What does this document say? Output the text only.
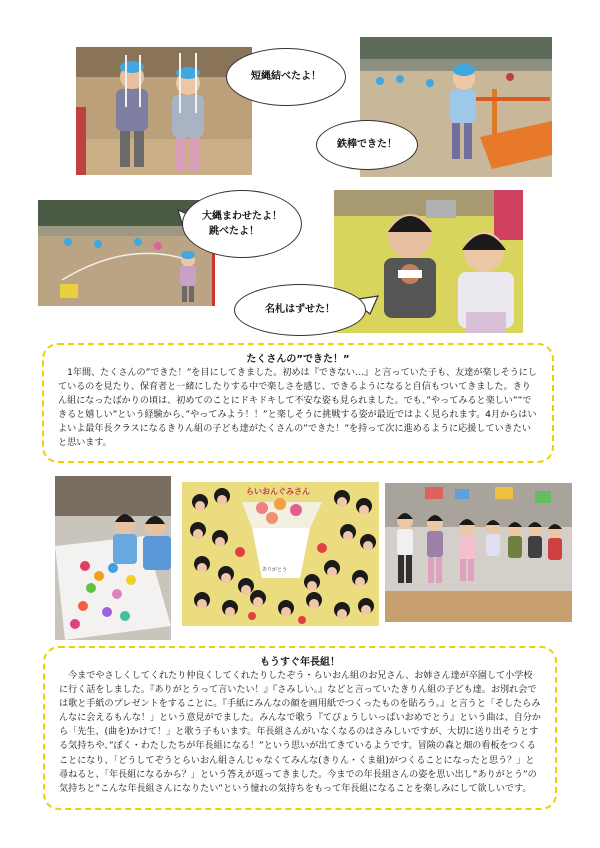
短縄結べたよ！
鉄棒できた！
大縄まわせたよ！
跳べたよ！
名札はずせた！
たくさんの”できた！”
1年間、たくさんの”できた！”を目にしてきました。初めは『できない…』と言っていた子も、友達が楽しそうにしているのを見たり、保育者と一緒にしたりする中で楽しさを感じ、できるようになると自信もついてきました。きりん組になったばかりの頃は、初めてのことにドキドキして不安な姿も見られました。でも、”やってみると楽しい””できると嬉しい”という経験から、”やってみよう！！”と楽しそうに挑戦する姿が最近ではよく見られます。4月からはいよいよ最年長クラスになるきりん組の子ども達がたくさんの”できた！”を持って次に進めるように応援していきたいと思います。
らいおんぐみさん
ありがとう
もうすぐ年長組！
今までやさしくしてくれたり仲良くしてくれたりしたぞう・らいおん組のお兄さん、お姉さん達が卒園して小学校に行く話をしました。『ありがとうって言いたい！』『さみしい。』などと言っていたきりん組の子ども達。お別れ会では歌と手紙のプレゼントをすることに。『手紙にみんなの顔を画用紙でつくったものを貼ろう。』と言うと「そしたらみんなに会えるもんな！」という意見がでました。みんなで歌う『てぴょうしいっぱいおめでとう』という曲は、自分から「先生、(曲を)かけて！」と歌う子もいます。年長組さんがいなくなるのはさみしいですが、大切に送り出そうとする気持ちや、”ぼく・わたしたちが年長組になる！”という思いが出てきているようです。冒険の森と畑の看板をつくることになり、「どうしてぞうとらいおん組さんじゃなくてみんな(きりん・くま組)がつくることになったと思う？」と尋ねると、「年長組になるから？」という答えが返ってきました。今までの年長組さんの姿を思い出し”ありがとう”の気持ちと”こんな年長組さんになりたい”という憧れの気持ちをもって年長組になることを楽しみにして欲しいです。
